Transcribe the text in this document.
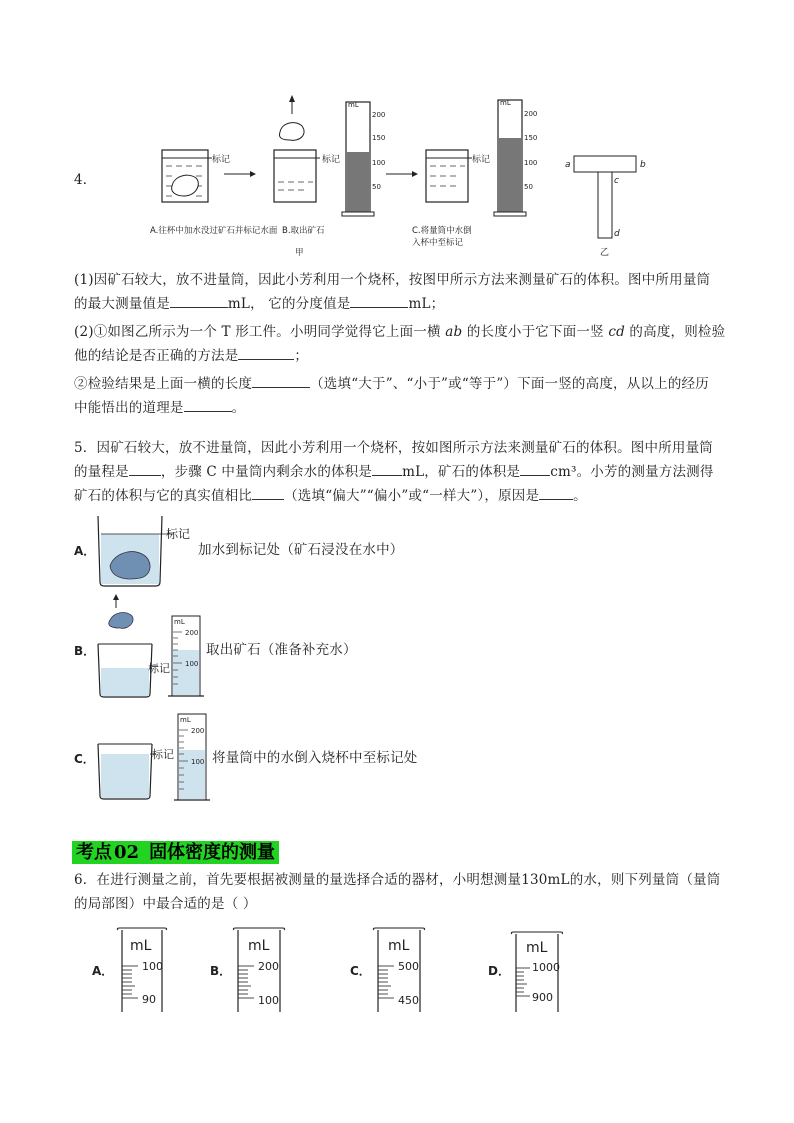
4．
标记	标记
mL
200
150
100
50
标记
mL
200
150
100
50
a	b
c
d
乙
A.往杯中加水没过矿石并标记水面 B.取出矿石	C.将量筒中水倒
入杯中至标记
甲
(1)因矿石较大，放不进量筒，因此小芳利用一个烧杯，按图甲所示方法来测量矿石的体积。图中所用量筒
的最大测量值是	mL， 它的分度值是	mL；
(2)①如图乙所示为一个 T 形工件。小明同学觉得它上面一横 ab 的长度小于它下面一竖 cd 的高度，则检验
他的结论是否正确的方法是	；
②检验结果是上面一横的长度	（选填“大于”、“小于”或“等于”）下面一竖的高度，从以上的经历
中能悟出的道理是	。
5．因矿石较大，放不进量筒，因此小芳利用一个烧杯，按如图所示方法来测量矿石的体积。图中所用量筒
的量程是 ，步骤 C 中量筒内剩余水的体积是 mL，矿石的体积是 cm³。小芳的测量方法测得
矿石的体积与它的真实值相比 （选填“偏大”“偏小”或“一样大”），原因是	。
A．
标记
加水到标记处（矿石浸没在水中）
B．
标记
mL
200
100
取出矿石（准备补充水）
C．	标记
mL
200
100 将量筒中的水倒入烧杯中至标记处
考点 02 固体密度的测量
6．在进行测量之前，首先要根据被测量的量选择合适的器材，小明想测量130mL的水，则下列量筒（量筒
的局部图）中最合适的是（ ）
A．
mL
100
90
B．
mL
200
100
C．
mL
500
450
D．
mL
1000
900
